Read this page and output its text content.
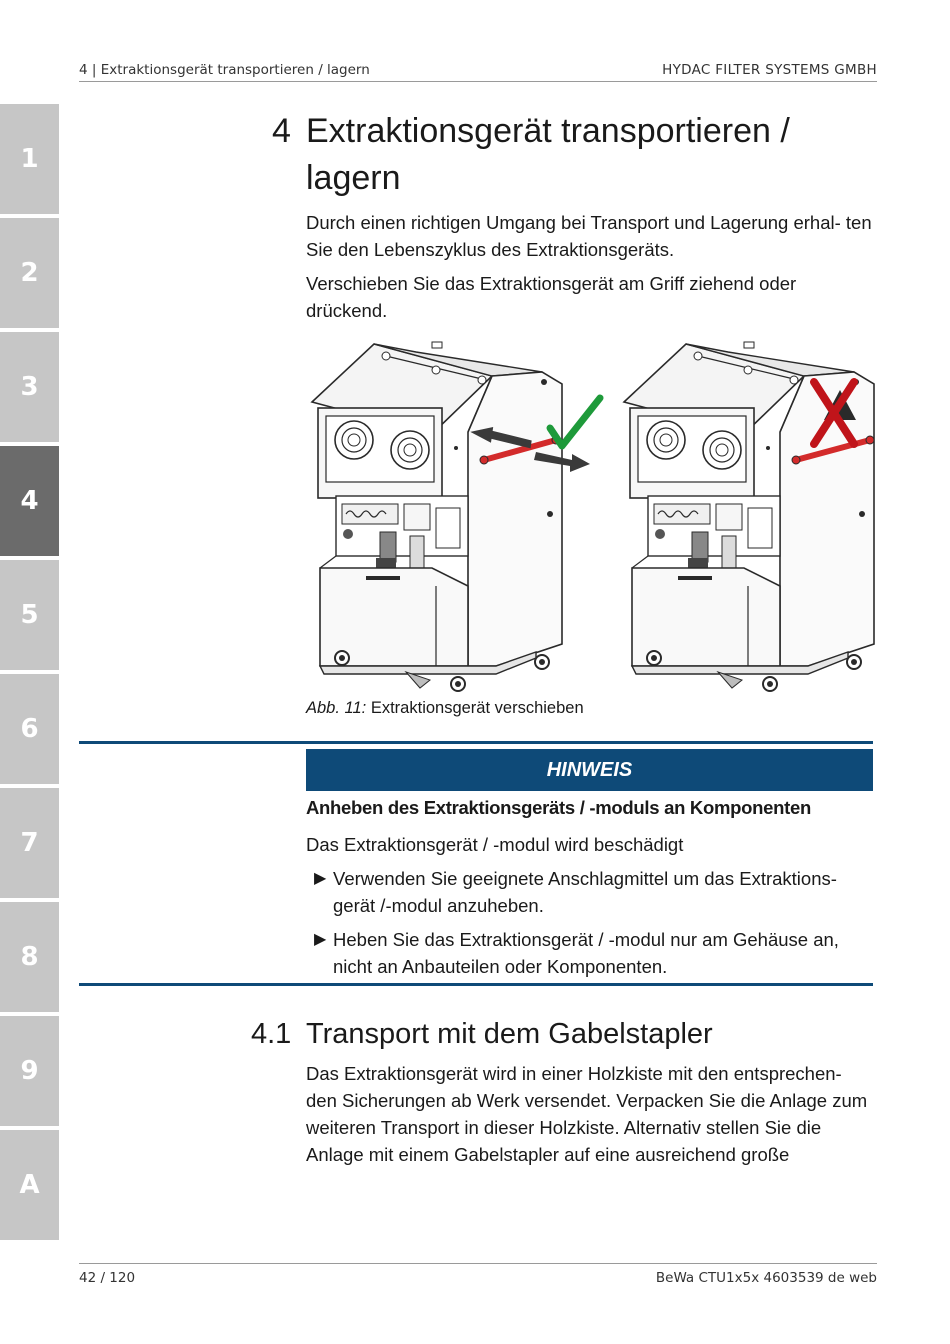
4 | Extraktionsgerät transportieren / lagern	HYDAC FILTER SYSTEMS GMBH
1
2
3
4
5
6
7
8
9
A
4 Extraktionsgerät transportieren / lagern
Durch einen richtigen Umgang bei Transport und Lagerung erhal- ten Sie den Lebenszyklus des Extraktionsgeräts.
Verschieben Sie das Extraktionsgerät am Griff ziehend oder drückend.
Abb. 11: Extraktionsgerät verschieben
HINWEIS
Anheben des Extraktionsgeräts / -moduls an Komponenten
Das Extraktionsgerät / -modul wird beschädigt
▶ Verwenden Sie geeignete Anschlagmittel um das Extraktions- gerät /-modul anzuheben.
▶ Heben Sie das Extraktionsgerät / -modul nur am Gehäuse an, nicht an Anbauteilen oder Komponenten.
4.1 Transport mit dem Gabelstapler
Das Extraktionsgerät wird in einer Holzkiste mit den entsprechen- den Sicherungen ab Werk versendet. Verpacken Sie die Anlage zum weiteren Transport in dieser Holzkiste. Alternativ stellen Sie die Anlage mit einem Gabelstapler auf eine ausreichend große
42 / 120	BeWa CTU1x5x 4603539 de web
